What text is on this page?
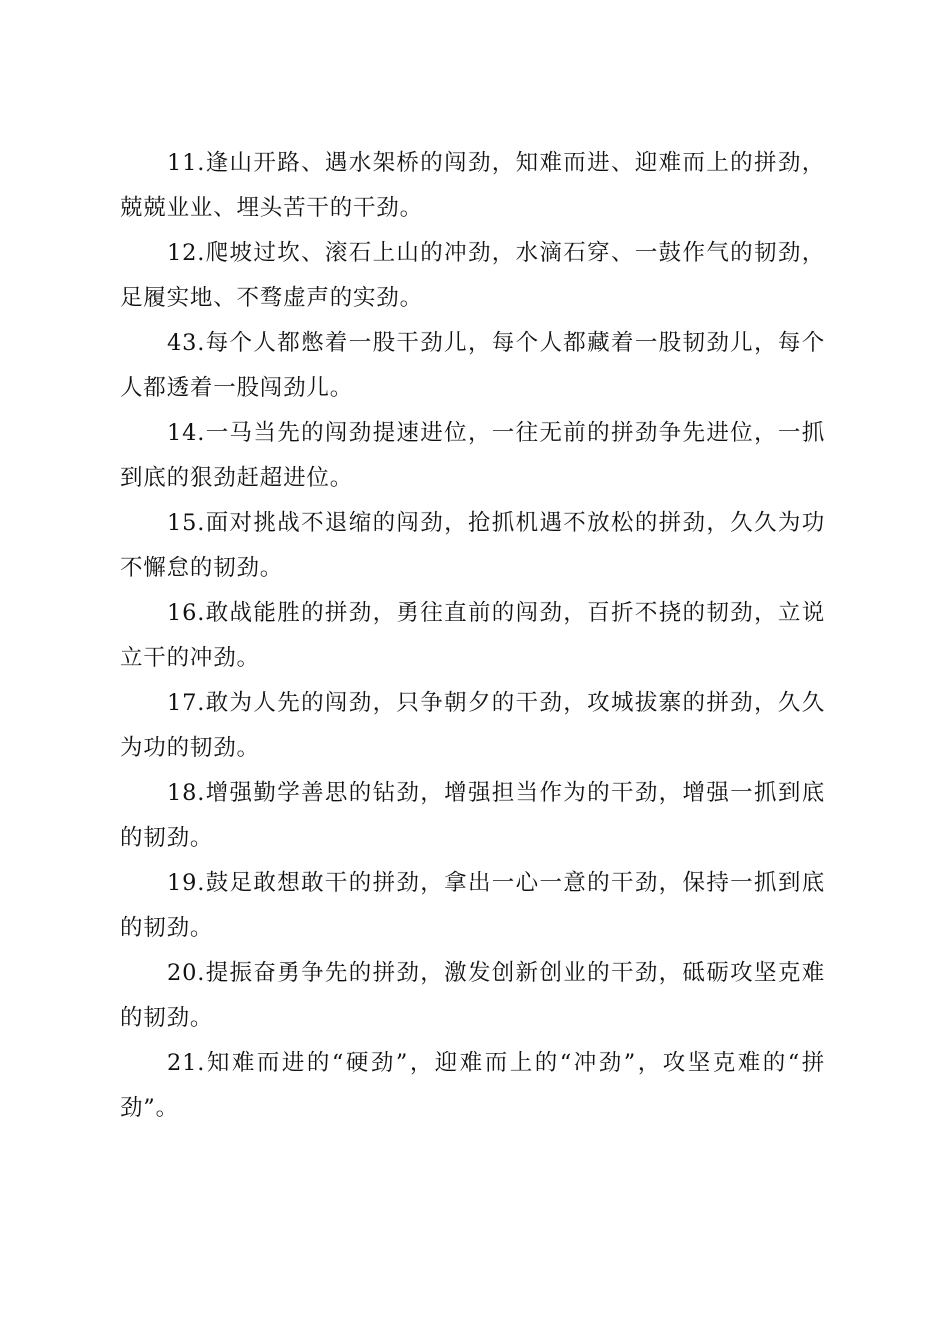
11.逢山开路、遇水架桥的闯劲，知难而进、迎难而上的拼劲，兢兢业业、埋头苦干的干劲。

12.爬坡过坎、滚石上山的冲劲，水滴石穿、一鼓作气的韧劲，足履实地、不骛虚声的实劲。

43.每个人都憋着一股干劲儿，每个人都藏着一股韧劲儿，每个人都透着一股闯劲儿。

14.一马当先的闯劲提速进位，一往无前的拼劲争先进位，一抓到底的狠劲赶超进位。

15.面对挑战不退缩的闯劲，抢抓机遇不放松的拼劲，久久为功不懈怠的韧劲。

16.敢战能胜的拼劲，勇往直前的闯劲，百折不挠的韧劲，立说立干的冲劲。

17.敢为人先的闯劲，只争朝夕的干劲，攻城拔寨的拼劲，久久为功的韧劲。

18.增强勤学善思的钻劲，增强担当作为的干劲，增强一抓到底的韧劲。

19.鼓足敢想敢干的拼劲，拿出一心一意的干劲，保持一抓到底的韧劲。

20.提振奋勇争先的拼劲，激发创新创业的干劲，砥砺攻坚克难的韧劲。

21.知难而进的“硬劲”，迎难而上的“冲劲”，攻坚克难的“拼劲”。
